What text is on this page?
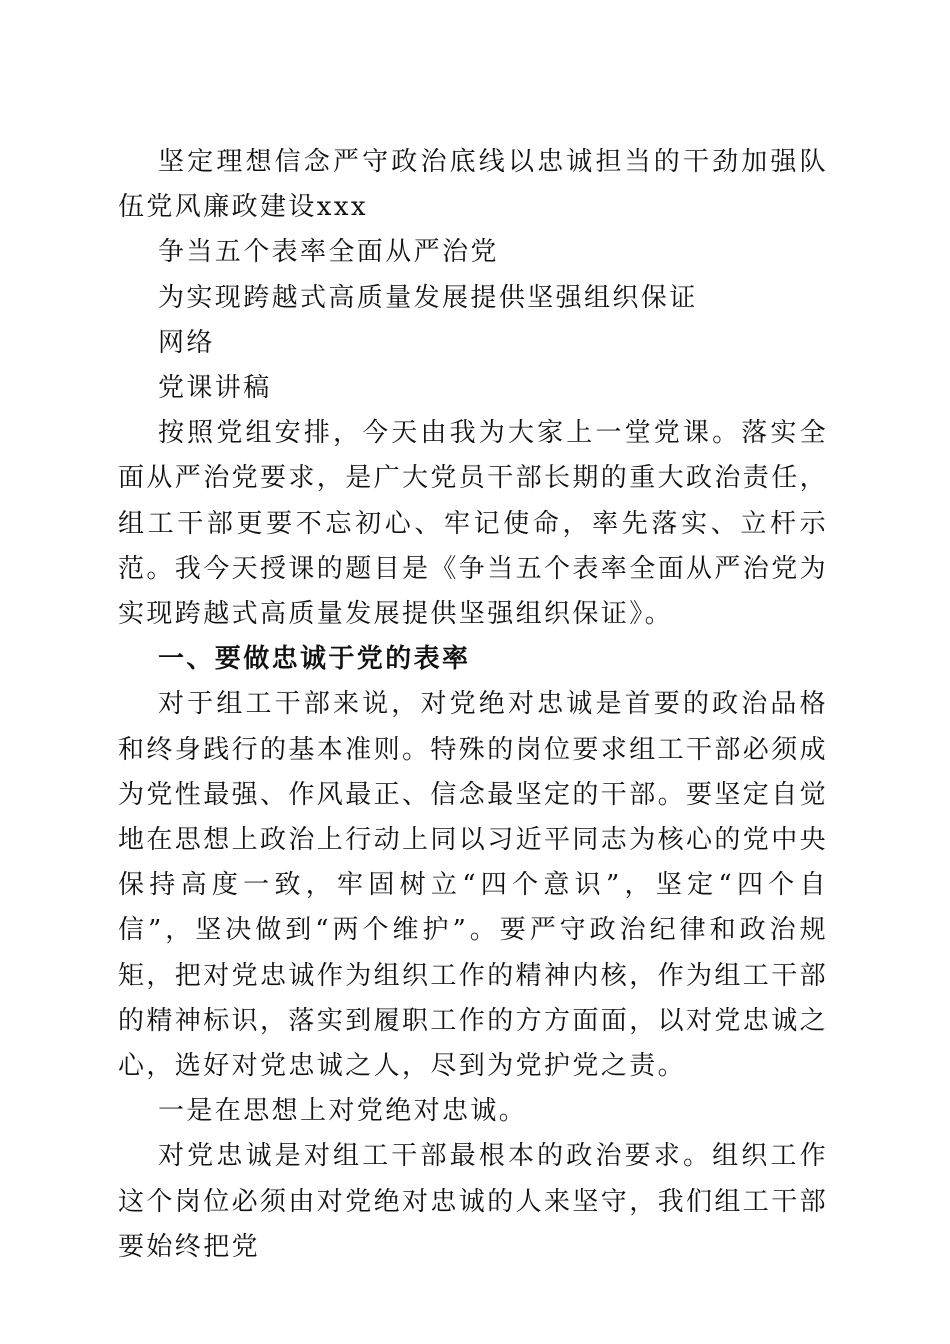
坚定理想信念严守政治底线以忠诚担当的干劲加强队伍党风廉政建设xxx

争当五个表率全面从严治党

为实现跨越式高质量发展提供坚强组织保证

网络

党课讲稿

按照党组安排，今天由我为大家上一堂党课。落实全面从严治党要求，是广大党员干部长期的重大政治责任，组工干部更要不忘初心、牢记使命，率先落实、立杆示范。我今天授课的题目是《争当五个表率全面从严治党为实现跨越式高质量发展提供坚强组织保证》。

一、要做忠诚于党的表率

对于组工干部来说，对党绝对忠诚是首要的政治品格和终身践行的基本准则。特殊的岗位要求组工干部必须成为党性最强、作风最正、信念最坚定的干部。要坚定自觉地在思想上政治上行动上同以习近平同志为核心的党中央保持高度一致，牢固树立“四个意识”，坚定“四个自信”，坚决做到“两个维护”。要严守政治纪律和政治规矩，把对党忠诚作为组织工作的精神内核，作为组工干部的精神标识，落实到履职工作的方方面面，以对党忠诚之心，选好对党忠诚之人，尽到为党护党之责。

一是在思想上对党绝对忠诚。

对党忠诚是对组工干部最根本的政治要求。组织工作这个岗位必须由对党绝对忠诚的人来坚守，我们组工干部要始终把党
